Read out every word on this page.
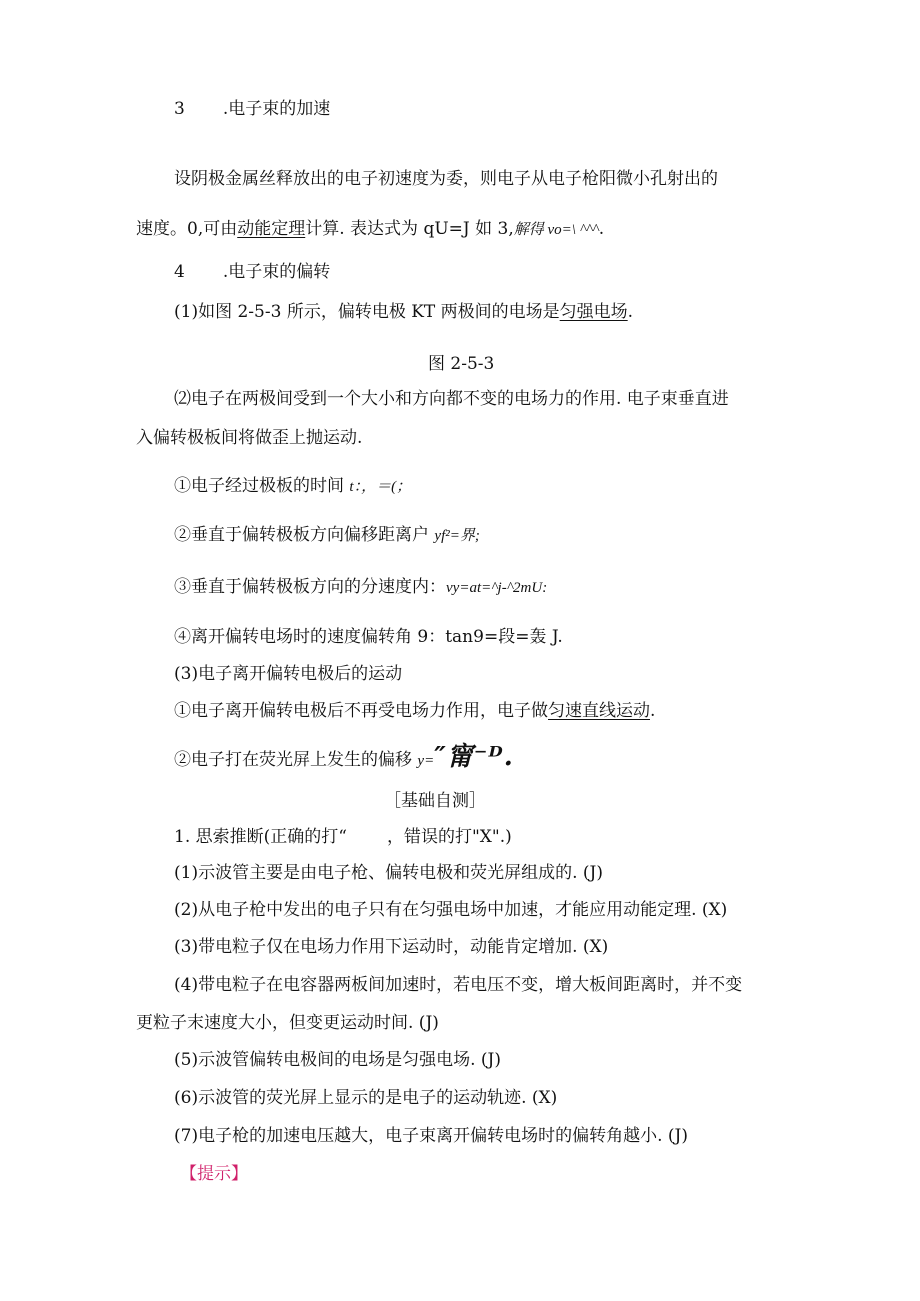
3 .电子束的加速
设阴极金属丝释放出的电子初速度为委，则电子从电子枪阳微小孔射出的
速度。0,可由动能定理计算. 表达式为 qU=J 如 3,解得 vo=\ ^^^.
4 .电子束的偏转
(1)如图 2-5-3 所示，偏转电极 KT 两极间的电场是匀强电场.
图 2-5-3
⑵电子在两极间受到一个大小和方向都不变的电场力的作用. 电子束垂直进
入偏转极板间将做歪上抛运动.
①电子经过极板的时间 t：，＝(；
②垂直于偏转极板方向偏移距离户 yf²=界;
③垂直于偏转极板方向的分速度内：vy=at=^j-^2mU:
④离开偏转电场时的速度偏转角 9：tan9=段=轰 J.
(3)电子离开偏转电极后的运动
①电子离开偏转电极后不再受电场力作用，电子做匀速直线运动.
②电子打在荧光屏上发生的偏移 y=″甯⁻ᴰ.
［基础自测］
1. 思索推断(正确的打“ ，错误的打"X".)
(1)示波管主要是由电子枪、偏转电极和荧光屏组成的. (J)
(2)从电子枪中发出的电子只有在匀强电场中加速，才能应用动能定理. (X)
(3)带电粒子仅在电场力作用下运动时，动能肯定增加. (X)
(4)带电粒子在电容器两板间加速时，若电压不变，增大板间距离时，并不变
更粒子末速度大小，但变更运动时间. (J)
(5)示波管偏转电极间的电场是匀强电场. (J)
(6)示波管的荧光屏上显示的是电子的运动轨迹. (X)
(7)电子枪的加速电压越大，电子束离开偏转电场时的偏转角越小. (J)
【提示】
